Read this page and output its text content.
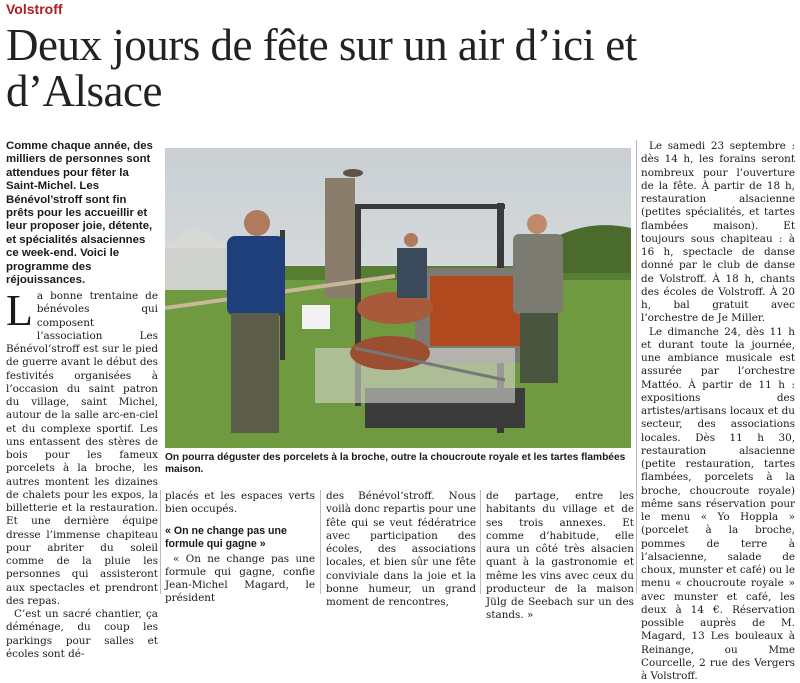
Volstroff
Deux jours de fête sur un air d’ici et d’Alsace
Comme chaque année, des milliers de personnes sont attendues pour fêter la Saint-Michel. Les Bénévol’stroff sont fin prêts pour les accueillir et leur proposer joie, détente, et spécialités alsaciennes ce week-end. Voici le programme des réjouissances.
L a bonne trentaine de bénévoles qui composent l’association Les Bénévol’stroff est sur le pied de guerre avant le début des festivités organisées à l’occasion du saint patron du village, saint Michel, autour de la salle arc-en-ciel et du complexe sportif. Les uns entassent des stères de bois pour les fameux porcelets à la broche, les autres montent les dizaines de chalets pour les expos, la billetterie et la restauration. Et une dernière équipe dresse l’immense chapiteau pour abriter du soleil comme de la pluie les personnes qui assisteront aux spectacles et prendront des repas.

C’est un sacré chantier, ça déménage, du coup les parkings pour salles et écoles sont dé-

On pourra déguster des porcelets à la broche, outre la choucroute royale et les tartes flambées maison.

placés et les espaces verts bien occupés.

« On ne change pas une formule qui gagne »

« On ne change pas une formule qui gagne, confie Jean-Michel Magard, le président

des Bénévol’stroff. Nous voilà donc repartis pour une fête qui se veut fédératrice avec participation des écoles, des associations locales, et bien sûr une fête conviviale dans la joie et la bonne humeur, un grand moment de rencontres,
de partage, entre les habitants du village et de ses trois annexes. Et comme d’habitude, elle aura un côté très alsacien quant à la gastronomie et même les vins avec ceux du producteur de la maison Jülg de Seebach sur un des stands. »

Le samedi 23 septembre : dès 14 h, les forains seront nombreux pour l’ouverture de la fête. À partir de 18 h, restauration alsacienne (petites spécialités, et tartes flambées maison). Et toujours sous chapiteau : à 16 h, spectacle de danse donné par le club de danse de Volstroff. À 18 h, chants des écoles de Volstroff. À 20 h, bal gratuit avec l’orchestre de Je Miller.

Le dimanche 24, dès 11 h et durant toute la journée, une ambiance musicale est assurée par l’orchestre Mattéo. À partir de 11 h : expositions des artistes/artisans locaux et du secteur, des associations locales. Dès 11 h 30, restauration alsacienne (petite restauration, tartes flambées, porcelets à la broche, choucroute royale) même sans réservation pour le menu « Yo Hoppla » (porcelet à la broche, pommes de terre à l’alsacienne, salade de choux, munster et café) ou le menu « choucroute royale » avec munster et café, les deux à 14 €. Réservation possible auprès de M. Magard, 13 Les bouleaux à Reinange, ou Mme Courcelle, 2 rue des Vergers à Volstroff.
